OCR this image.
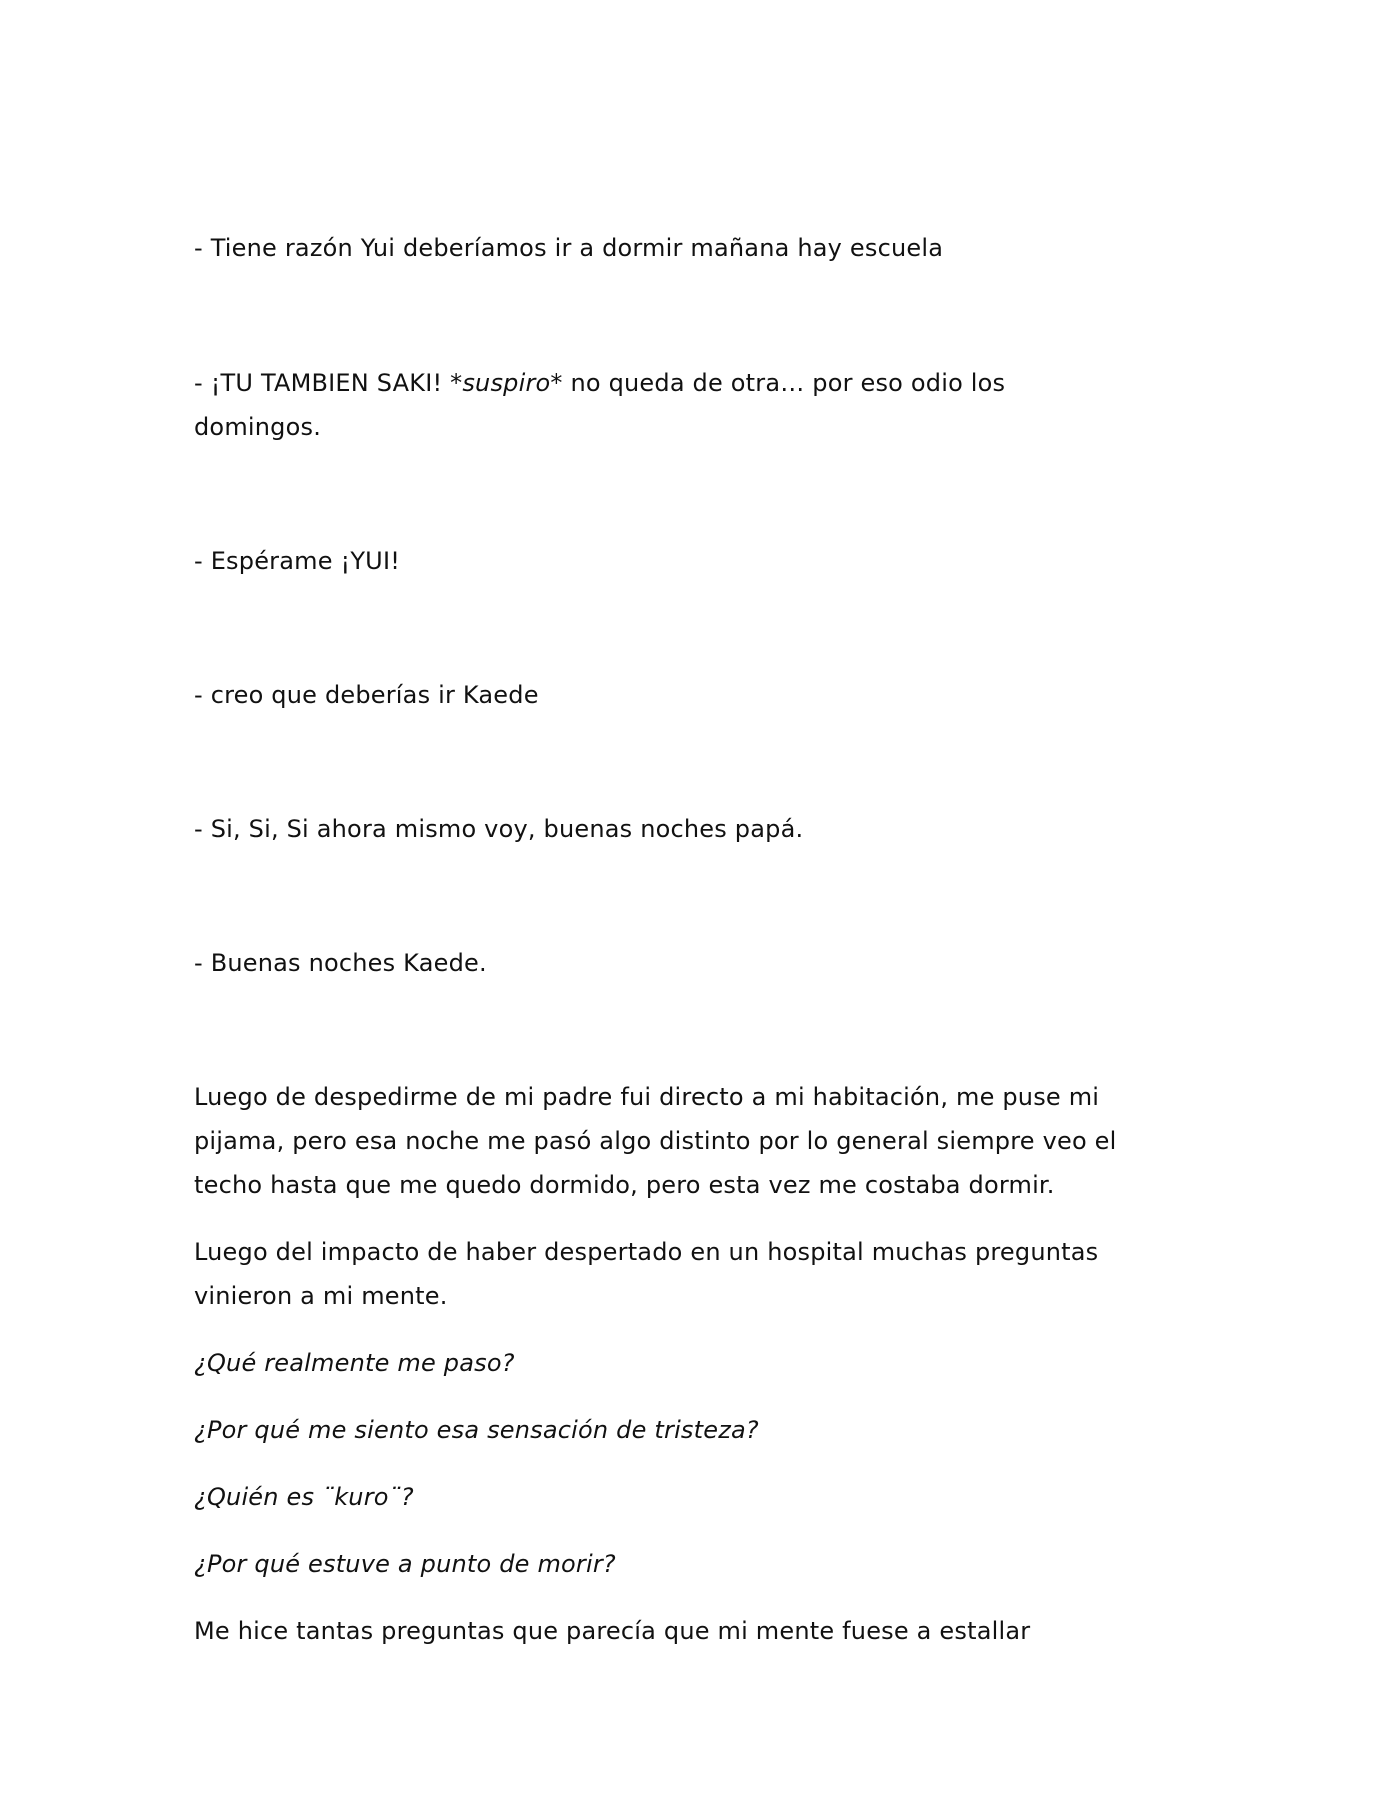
- Tiene razón Yui deberíamos ir a dormir mañana hay escuela
- ¡TU TAMBIEN SAKI! *suspiro* no queda de otra… por eso odio los
domingos.
- Espérame ¡YUI!
- creo que deberías ir Kaede
- Si, Si, Si ahora mismo voy, buenas noches papá.
- Buenas noches Kaede.
Luego de despedirme de mi padre fui directo a mi habitación, me puse mi
pijama, pero esa noche me pasó algo distinto por lo general siempre veo el
techo hasta que me quedo dormido, pero esta vez me costaba dormir.
Luego del impacto de haber despertado en un hospital muchas preguntas
vinieron a mi mente.
¿Qué realmente me paso?
¿Por qué me siento esa sensación de tristeza?
¿Quién es ¨kuro¨?
¿Por qué estuve a punto de morir?
Me hice tantas preguntas que parecía que mi mente fuese a estallar
